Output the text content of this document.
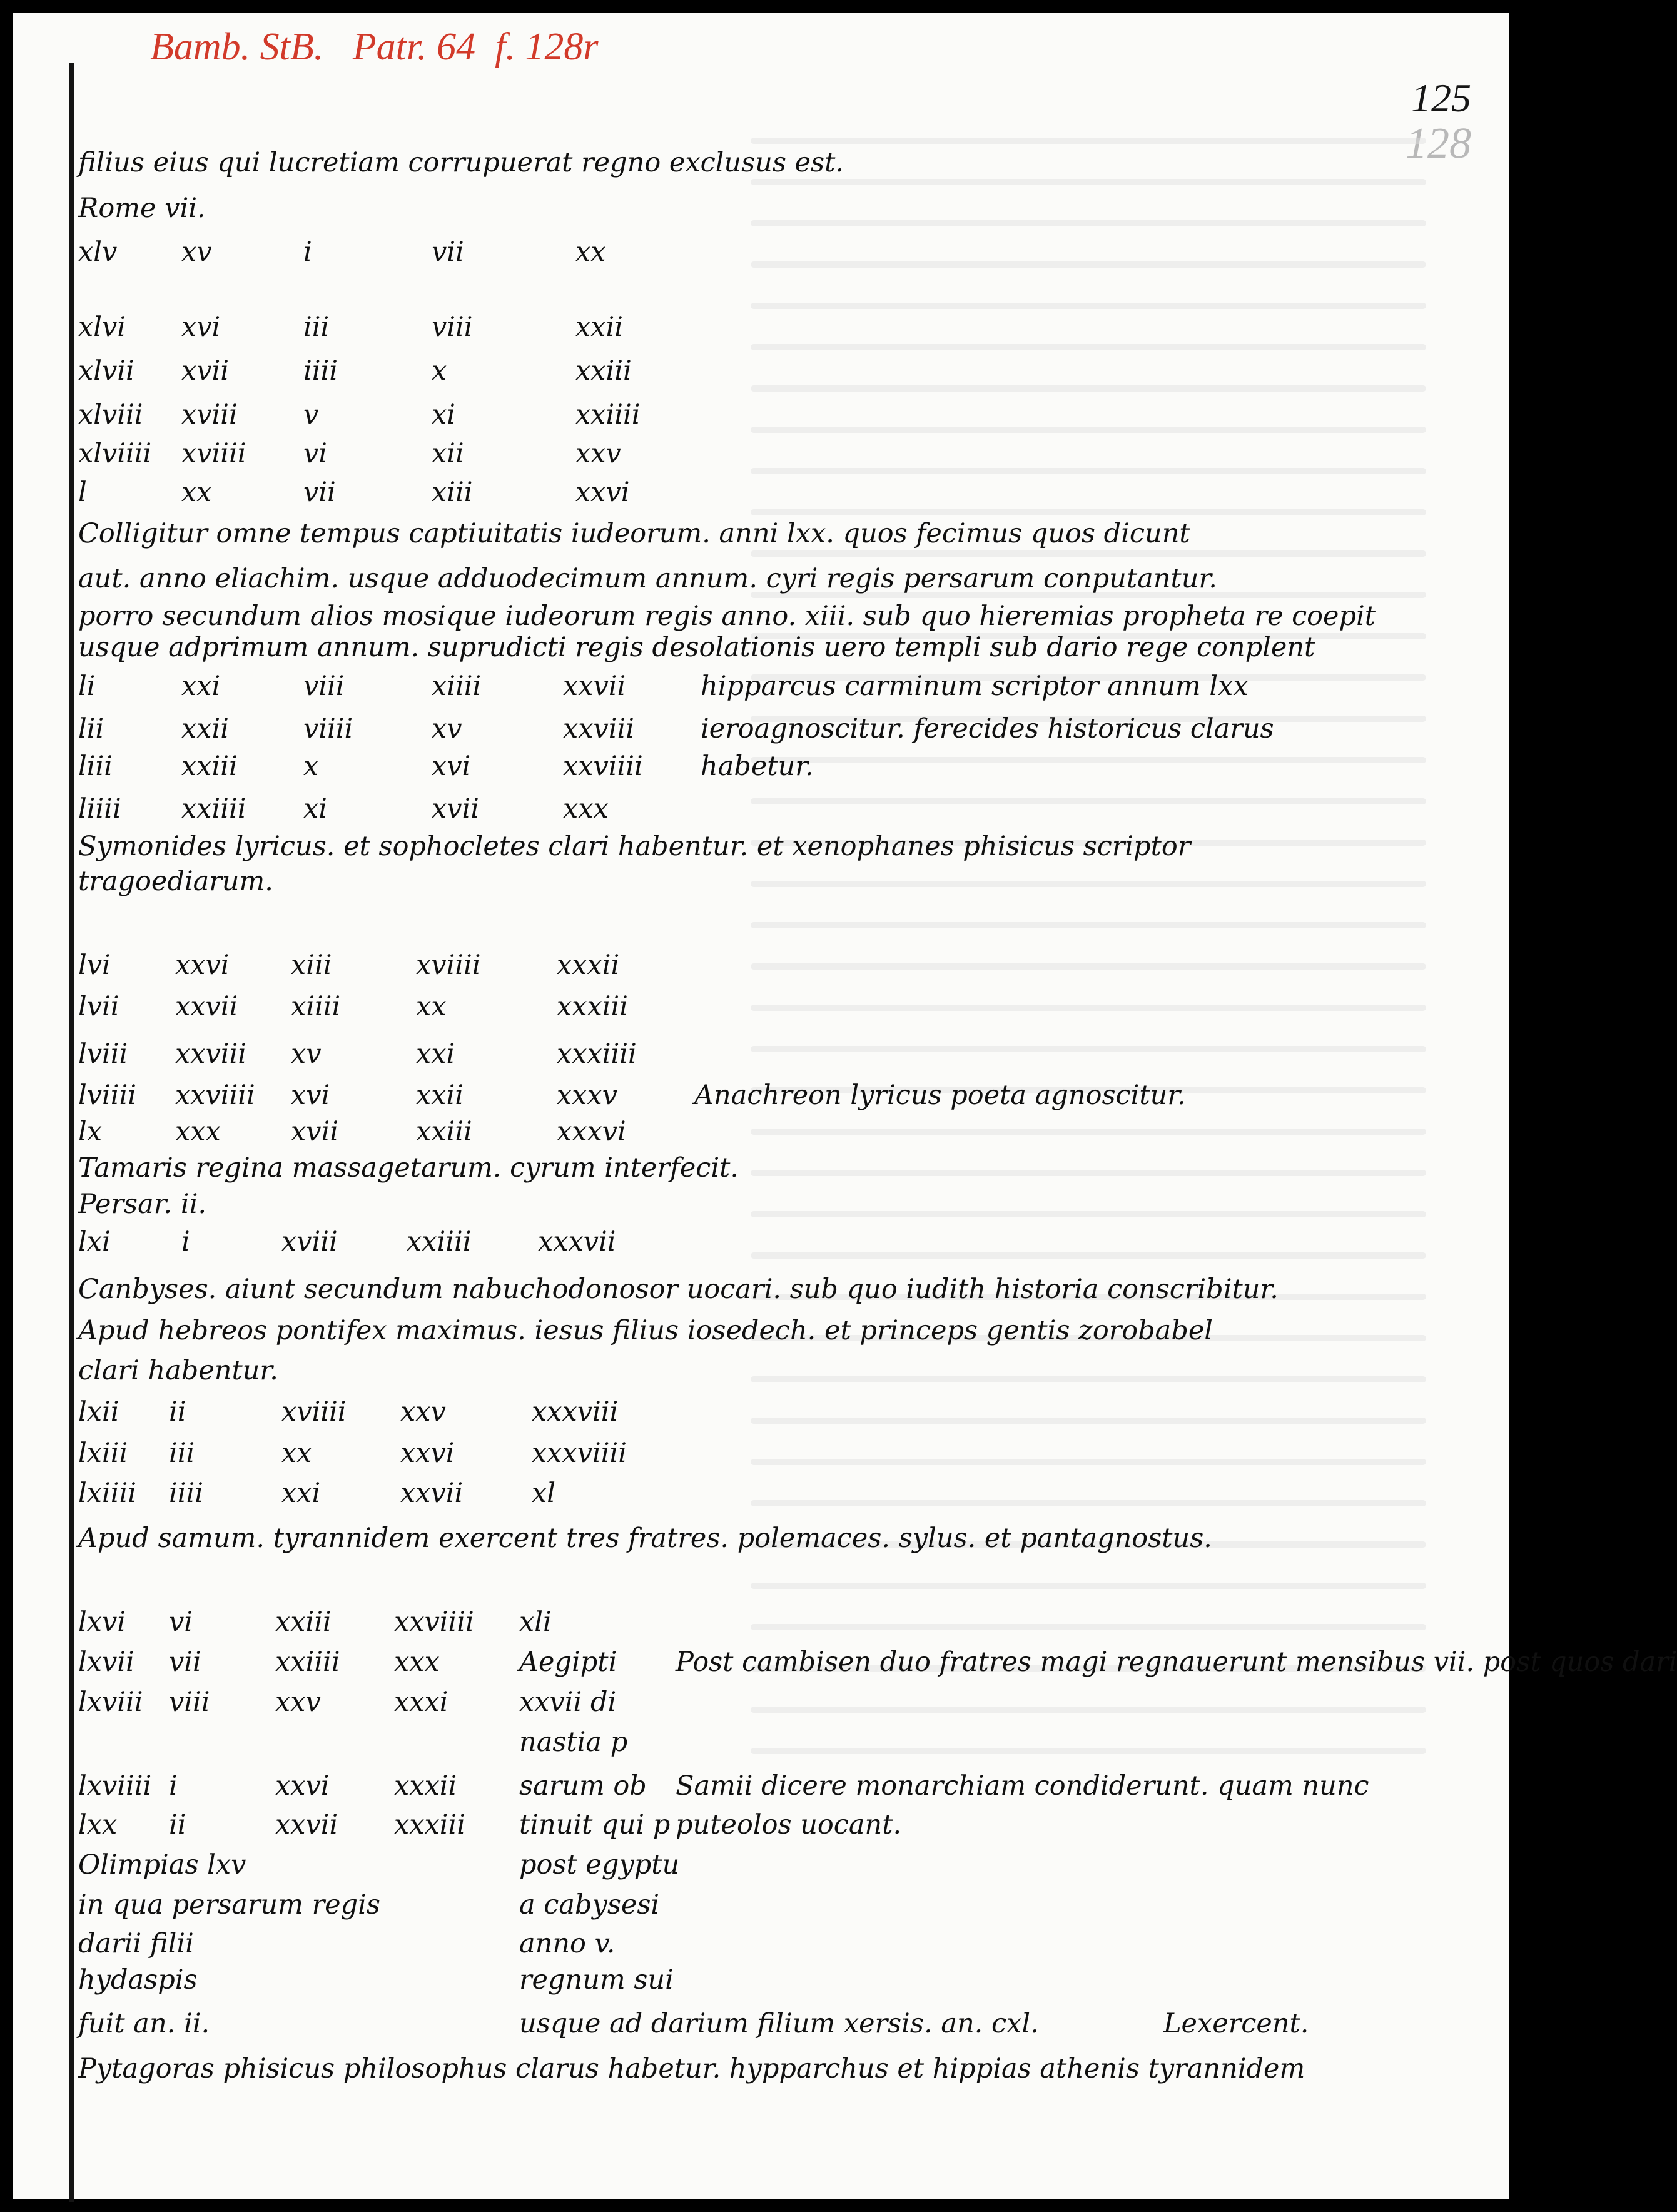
Bamb. StB.   Patr. 64  f. 128r
125
128
filius eius qui lucretiam corrupuerat regno exclusus est.
Rome vii.
xlv xv	i	vii	xx
xlvi xvi	iii	viii	xxii
xlvii xvii	iiii	x	xxiii
xlviii xviii v	xi	xxiiii
xlviiii xviiii vi	xii	xxv
l	xx	vii	xiii	xxvi
Colligitur omne tempus captiuitatis iudeorum. anni lxx. quos fecimus quos dicunt
aut. anno eliachim. usque adduodecimum annum. cyri regis persarum conputantur.
porro secundum alios mosique iudeorum regis anno. xiii. sub quo hieremias propheta re coepit
usque adprimum annum. suprudicti regis desolationis uero templi sub dario rege conplent
li	xxi	viii	xiiii	xxvii	hipparcus carminum scriptor annum lxx
lii	xxii	viiii	xv	xxviii ieroagnoscitur. ferecides historicus clarus
liii	xxiii x	xvi	xxviiii habetur.
liiii xxiiii xi	xvii	xxx
Symonides lyricus. et sophocletes clari habentur. et xenophanes phisicus scriptor
tragoediarum.
lvi xxvi xiii	xviiii	xxxii
lvii xxvii xiiii	xx	xxxiii
lviii xxviii xv	xxi	xxxiiii
lviiii xxviiii xvi	xxii	xxxv	Anachreon lyricus poeta agnoscitur.
lx	xxx	xvii	xxiii	xxxvi
Tamaris regina massagetarum. cyrum interfecit.
Persar. ii.
lxi	i	xviii	xxiiii xxxvii
Canbyses. aiunt secundum nabuchodonosor uocari. sub quo iudith historia conscribitur.
Apud hebreos pontifex maximus. iesus filius iosedech. et princeps gentis zorobabel
clari habentur.
lxii ii	xviiii xxv	xxxviii
lxiii iii	xx	xxvi	xxxviiii
lxiiii iiii	xxi	xxvii	xl
Apud samum. tyrannidem exercent tres fratres. polemaces. sylus. et pantagnostus.
lxvi vi	xxiii xxviiii xli
lxvii vii	xxiiii xxx	Aegipti Post cambisen duo fratres magi regnauerunt mensibus vii. post quos dari
lxviii viii xxv	xxxi	xxvii di
nastia p
lxviiii i	xxvi xxxii sarum ob Samii dicere monarchiam condiderunt. quam nunc
lxx ii	xxvii xxxiii tinuit qui p puteolos uocant.
Olimpias lxv	post egyptu
in qua persarum regis	a cabysesi
darii filii	anno v.
hydaspis	regnum sui
fuit an. ii.	usque ad darium filium xersis. an. cxl.	Lexercent.
Pytagoras phisicus philosophus clarus habetur. hypparchus et hippias athenis tyrannidem
